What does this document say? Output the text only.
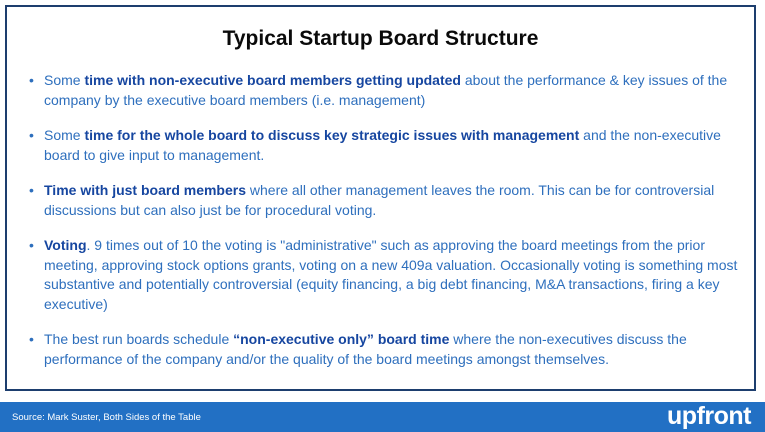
Typical Startup Board Structure
• Some time with non-executive board members getting updated about the performance & key issues of the company by the executive board members (i.e. management)
• Some time for the whole board to discuss key strategic issues with management and the non-executive board to give input to management.
• Time with just board members where all other management leaves the room. This can be for controversial discussions but can also just be for procedural voting.
• Voting. 9 times out of 10 the voting is "administrative" such as approving the board meetings from the prior meeting, approving stock options grants, voting on a new 409a valuation. Occasionally voting is something most substantive and potentially controversial (equity financing, a big debt financing, M&A transactions, firing a key executive)
• The best run boards schedule “non-executive only” board time where the non-executives discuss the performance of the company and/or the quality of the board meetings amongst themselves.
Source: Mark Suster, Both Sides of the Table	upfront
